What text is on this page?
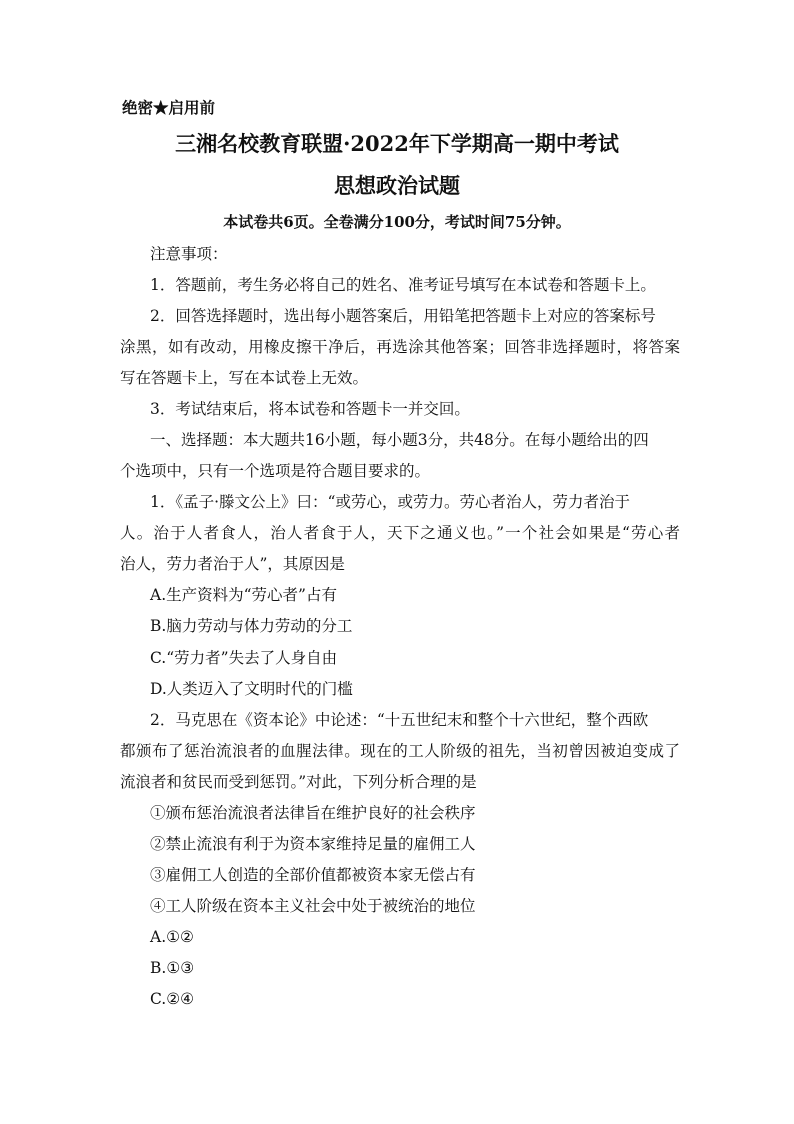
绝密★启用前
三湘名校教育联盟·2022年下学期高一期中考试
思想政治试题
本试卷共6页。全卷满分100分，考试时间75分钟。
注意事项：
1．答题前，考生务必将自己的姓名、准考证号填写在本试卷和答题卡上。
2．回答选择题时，选出每小题答案后，用铅笔把答题卡上对应的答案标号
涂黑，如有改动，用橡皮擦干净后，再选涂其他答案；回答非选择题时，将答案
写在答题卡上，写在本试卷上无效。
3．考试结束后，将本试卷和答题卡一并交回。
一、选择题：本大题共16小题，每小题3分，共48分。在每小题给出的四
个选项中，只有一个选项是符合题目要求的。
1．《孟子·滕文公上》曰：“或劳心，或劳力。劳心者治人，劳力者治于
人。治于人者食人，治人者食于人，天下之通义也。”一个社会如果是“劳心者
治人，劳力者治于人”，其原因是
A.生产资料为“劳心者”占有
B.脑力劳动与体力劳动的分工
C.“劳力者”失去了人身自由
D.人类迈入了文明时代的门槛
2．马克思在《资本论》中论述：“十五世纪末和整个十六世纪，整个西欧
都颁布了惩治流浪者的血腥法律。现在的工人阶级的祖先，当初曾因被迫变成了
流浪者和贫民而受到惩罚。”对此，下列分析合理的是
①颁布惩治流浪者法律旨在维护良好的社会秩序
②禁止流浪有利于为资本家维持足量的雇佣工人
③雇佣工人创造的全部价值都被资本家无偿占有
④工人阶级在资本主义社会中处于被统治的地位
A.①②
B.①③
C.②④
